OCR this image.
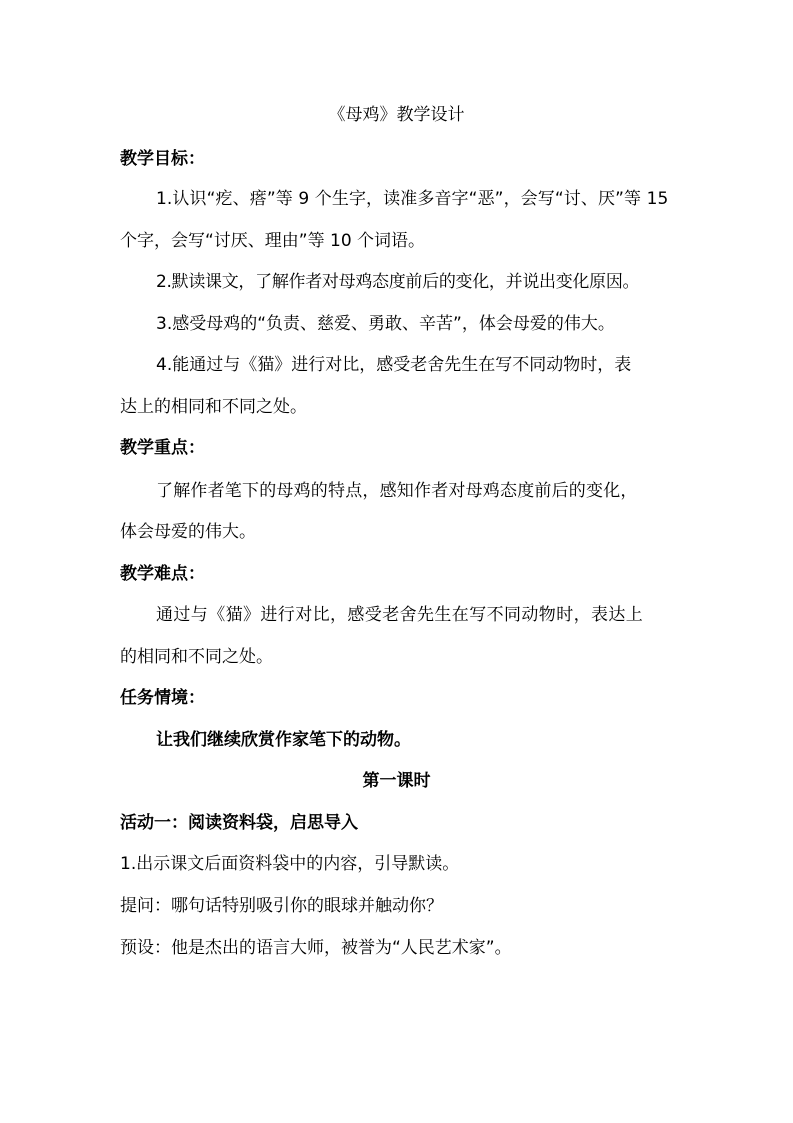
《母鸡》教学设计
教学目标：
1.认识“疙、瘩”等 9 个生字，读准多音字“恶”，会写“讨、厌”等 15
个字，会写“讨厌、理由”等 10 个词语。
2.默读课文，了解作者对母鸡态度前后的变化，并说出变化原因。
3.感受母鸡的“负责、慈爱、勇敢、辛苦”，体会母爱的伟大。
4.能通过与《猫》进行对比，感受老舍先生在写不同动物时，表
达上的相同和不同之处。
教学重点：
了解作者笔下的母鸡的特点，感知作者对母鸡态度前后的变化，
体会母爱的伟大。
教学难点：
通过与《猫》进行对比，感受老舍先生在写不同动物时，表达上
的相同和不同之处。
任务情境：
让我们继续欣赏作家笔下的动物。
第一课时
活动一：阅读资料袋，启思导入
1.出示课文后面资料袋中的内容，引导默读。
提问：哪句话特别吸引你的眼球并触动你？
预设：他是杰出的语言大师，被誉为“人民艺术家”。
